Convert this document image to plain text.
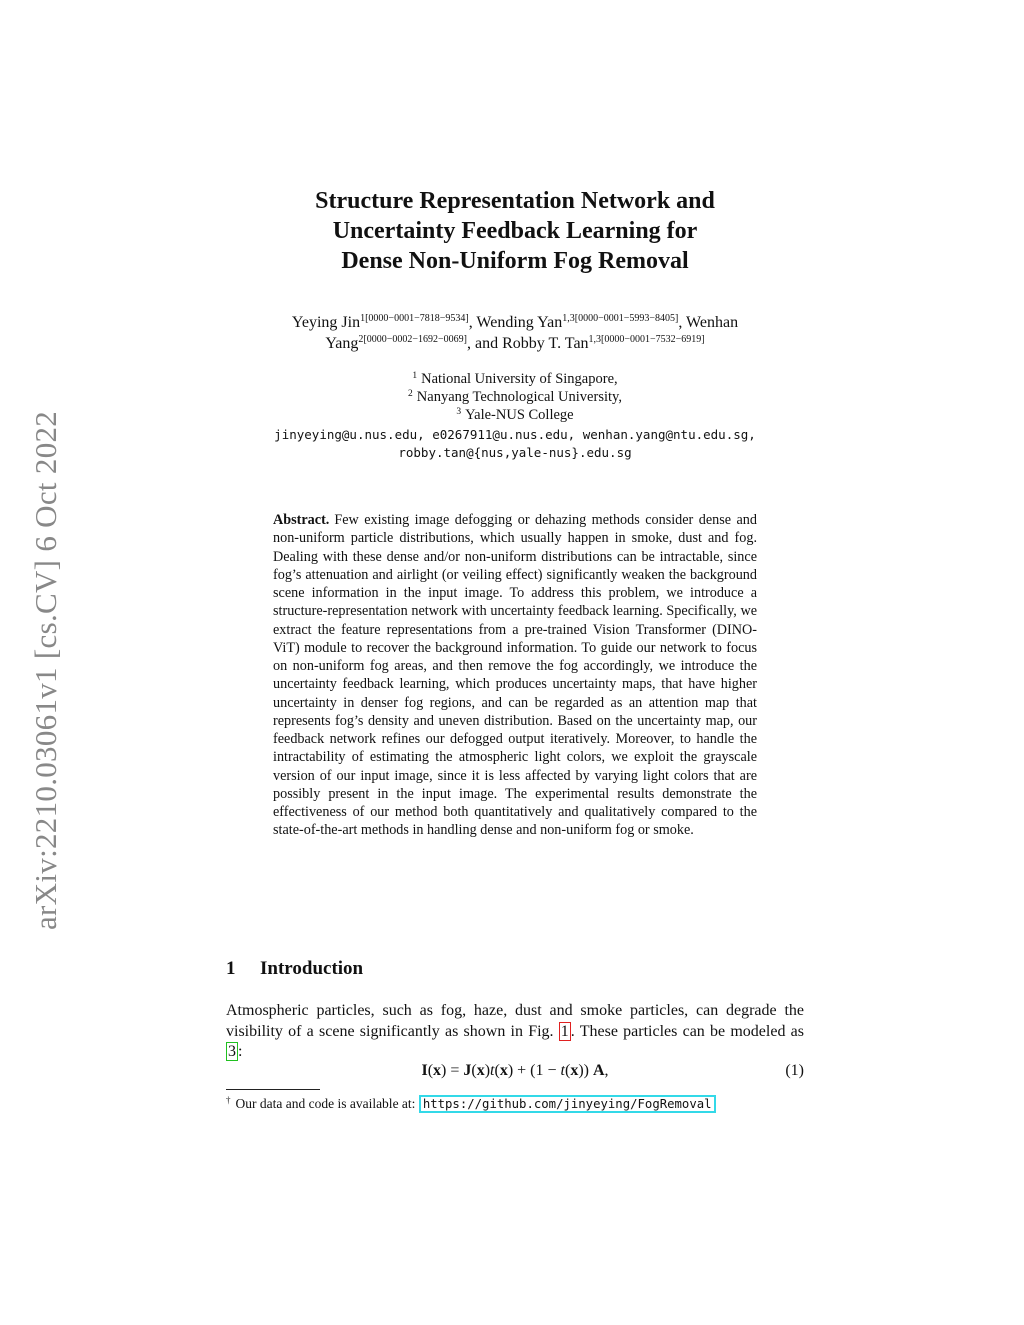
arXiv:2210.03061v1 [cs.CV] 6 Oct 2022
Structure Representation Network and
Uncertainty Feedback Learning for
Dense Non-Uniform Fog Removal
Yeying Jin$^{1[0000-0001-7818-9534]}$, Wending Yan$^{1,3[0000-0001-5993-8405]}$, Wenhan
Yang$^{2[0000-0002-1692-0069]}$, and Robby T. Tan$^{1,3[0000-0001-7532-6919]}$
$^1$ National University of Singapore,
$^2$ Nanyang Technological University,
$^3$ Yale-NUS College
jinyeying@u.nus.edu, e0267911@u.nus.edu, wenhan.yang@ntu.edu.sg,
robby.tan@{nus,yale-nus}.edu.sg
Abstract. Few existing image defogging or dehazing methods consider dense and non-uniform particle distributions, which usually happen in smoke, dust and fog. Dealing with these dense and/or non-uniform distributions can be intractable, since fog’s attenuation and airlight (or veiling effect) significantly weaken the background scene information in the input image. To address this problem, we introduce a structure-representation network with uncertainty feedback learning. Specifically, we extract the feature representations from a pre-trained Vision Transformer (DINO-ViT) module to recover the background information. To guide our network to focus on non-uniform fog areas, and then remove the fog accordingly, we introduce the uncertainty feedback learning, which produces uncertainty maps, that have higher uncertainty in denser fog regions, and can be regarded as an attention map that represents fog’s density and uneven distribution. Based on the uncertainty map, our feedback network refines our defogged output iteratively. Moreover, to handle the intractability of estimating the atmospheric light colors, we exploit the grayscale version of our input image, since it is less affected by varying light colors that are possibly present in the input image. The experimental results demonstrate the effectiveness of our method both quantitatively and qualitatively compared to the state-of-the-art methods in handling dense and non-uniform fog or smoke.
1 Introduction
Atmospheric particles, such as fog, haze, dust and smoke particles, can degrade the visibility of a scene significantly as shown in Fig. 1 . These particles can be modeled as 3 :
I(x) = J(x)t(x) + (1 − t(x)) A,	(1)
† Our data and code is available at: https://github.com/jinyeying/FogRemoval
